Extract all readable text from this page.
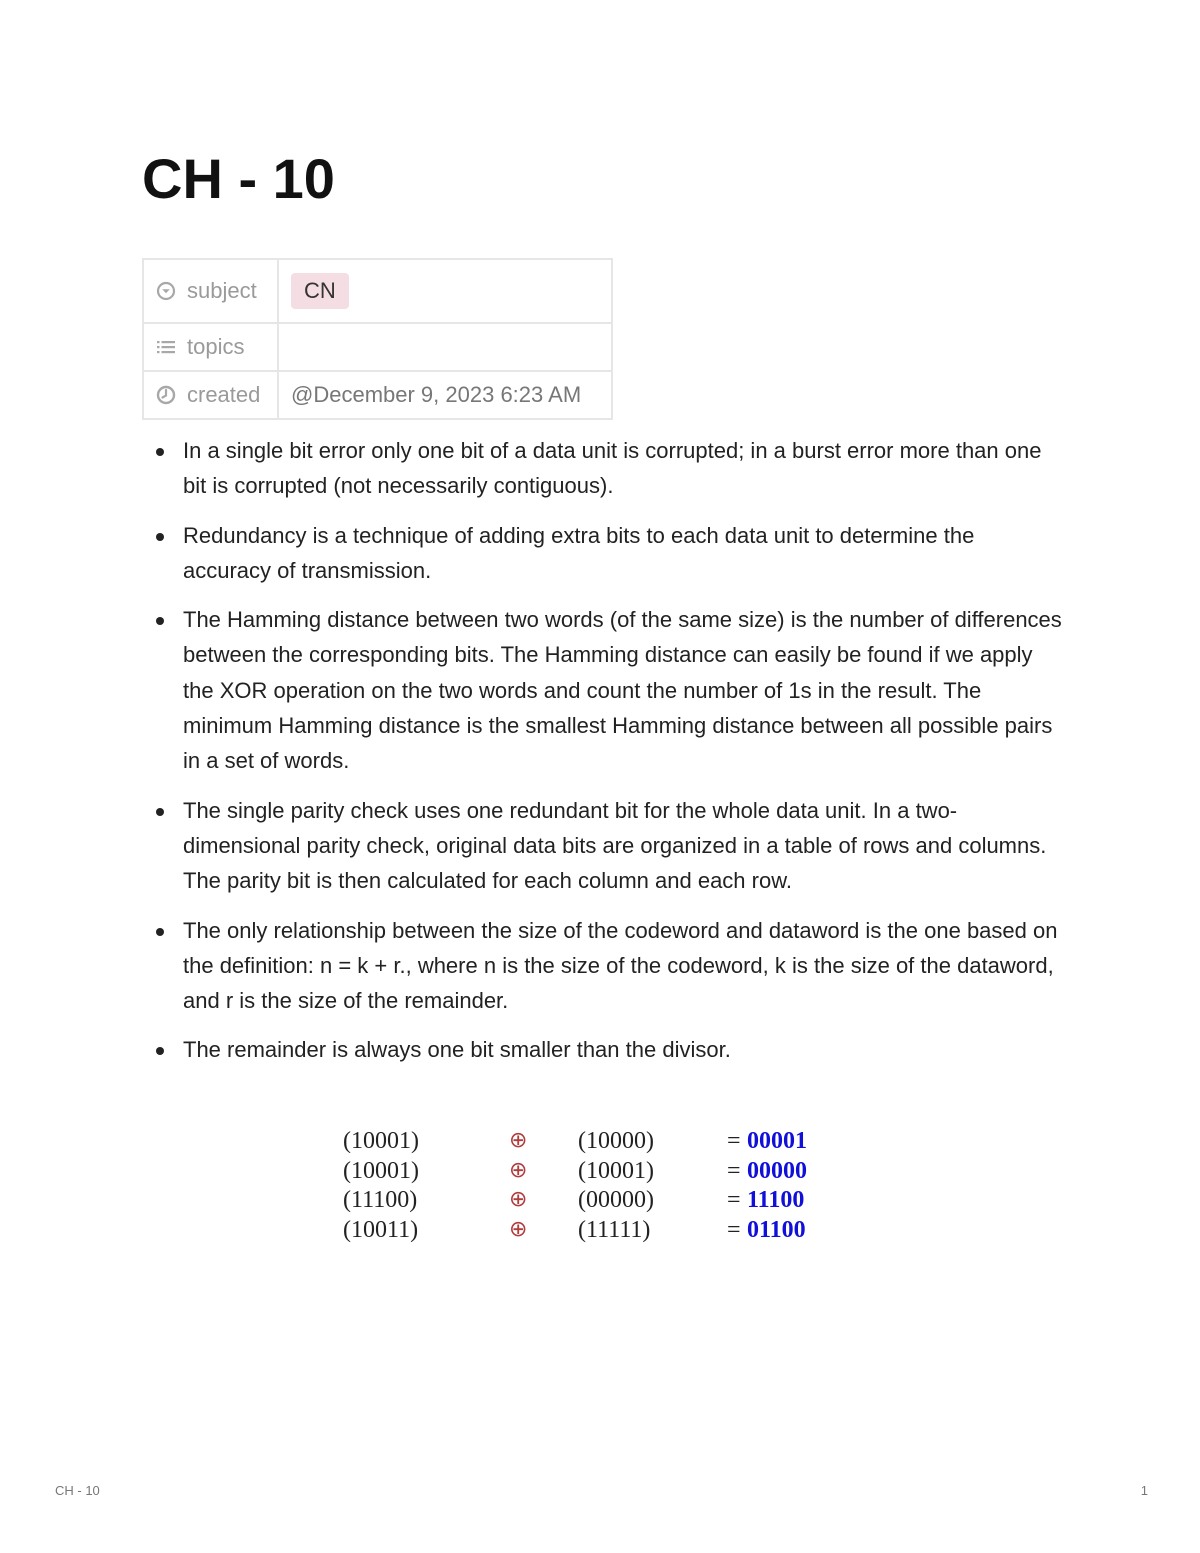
CH - 10
subject	CN

topics	

created	@December 9, 2023 6:23 AM
In a single bit error only one bit of a data unit is corrupted; in a burst error more than one bit is corrupted (not necessarily contiguous).
Redundancy is a technique of adding extra bits to each data unit to determine the accuracy of transmission.
The Hamming distance between two words (of the same size) is the number of differences between the corresponding bits. The Hamming distance can easily be found if we apply the XOR operation on the two words and count the number of 1s in the result. The minimum Hamming distance is the smallest Hamming distance between all possible pairs in a set of words.
The single parity check uses one redundant bit for the whole data unit. In a two-dimensional parity check, original data bits are organized in a table of rows and columns. The parity bit is then calculated for each column and each row.
The only relationship between the size of the codeword and dataword is the one based on the definition: n = k + r., where n is the size of the codeword, k is the size of the dataword, and r is the size of the remainder.
The remainder is always one bit smaller than the divisor.
(10001)	⊕ (10000)	= 00001
(10001)	⊕ (10001)	= 00000
(11100)	⊕ (00000)	= 11100
(10011)	⊕ (11111)	= 01100
CH - 10	1
